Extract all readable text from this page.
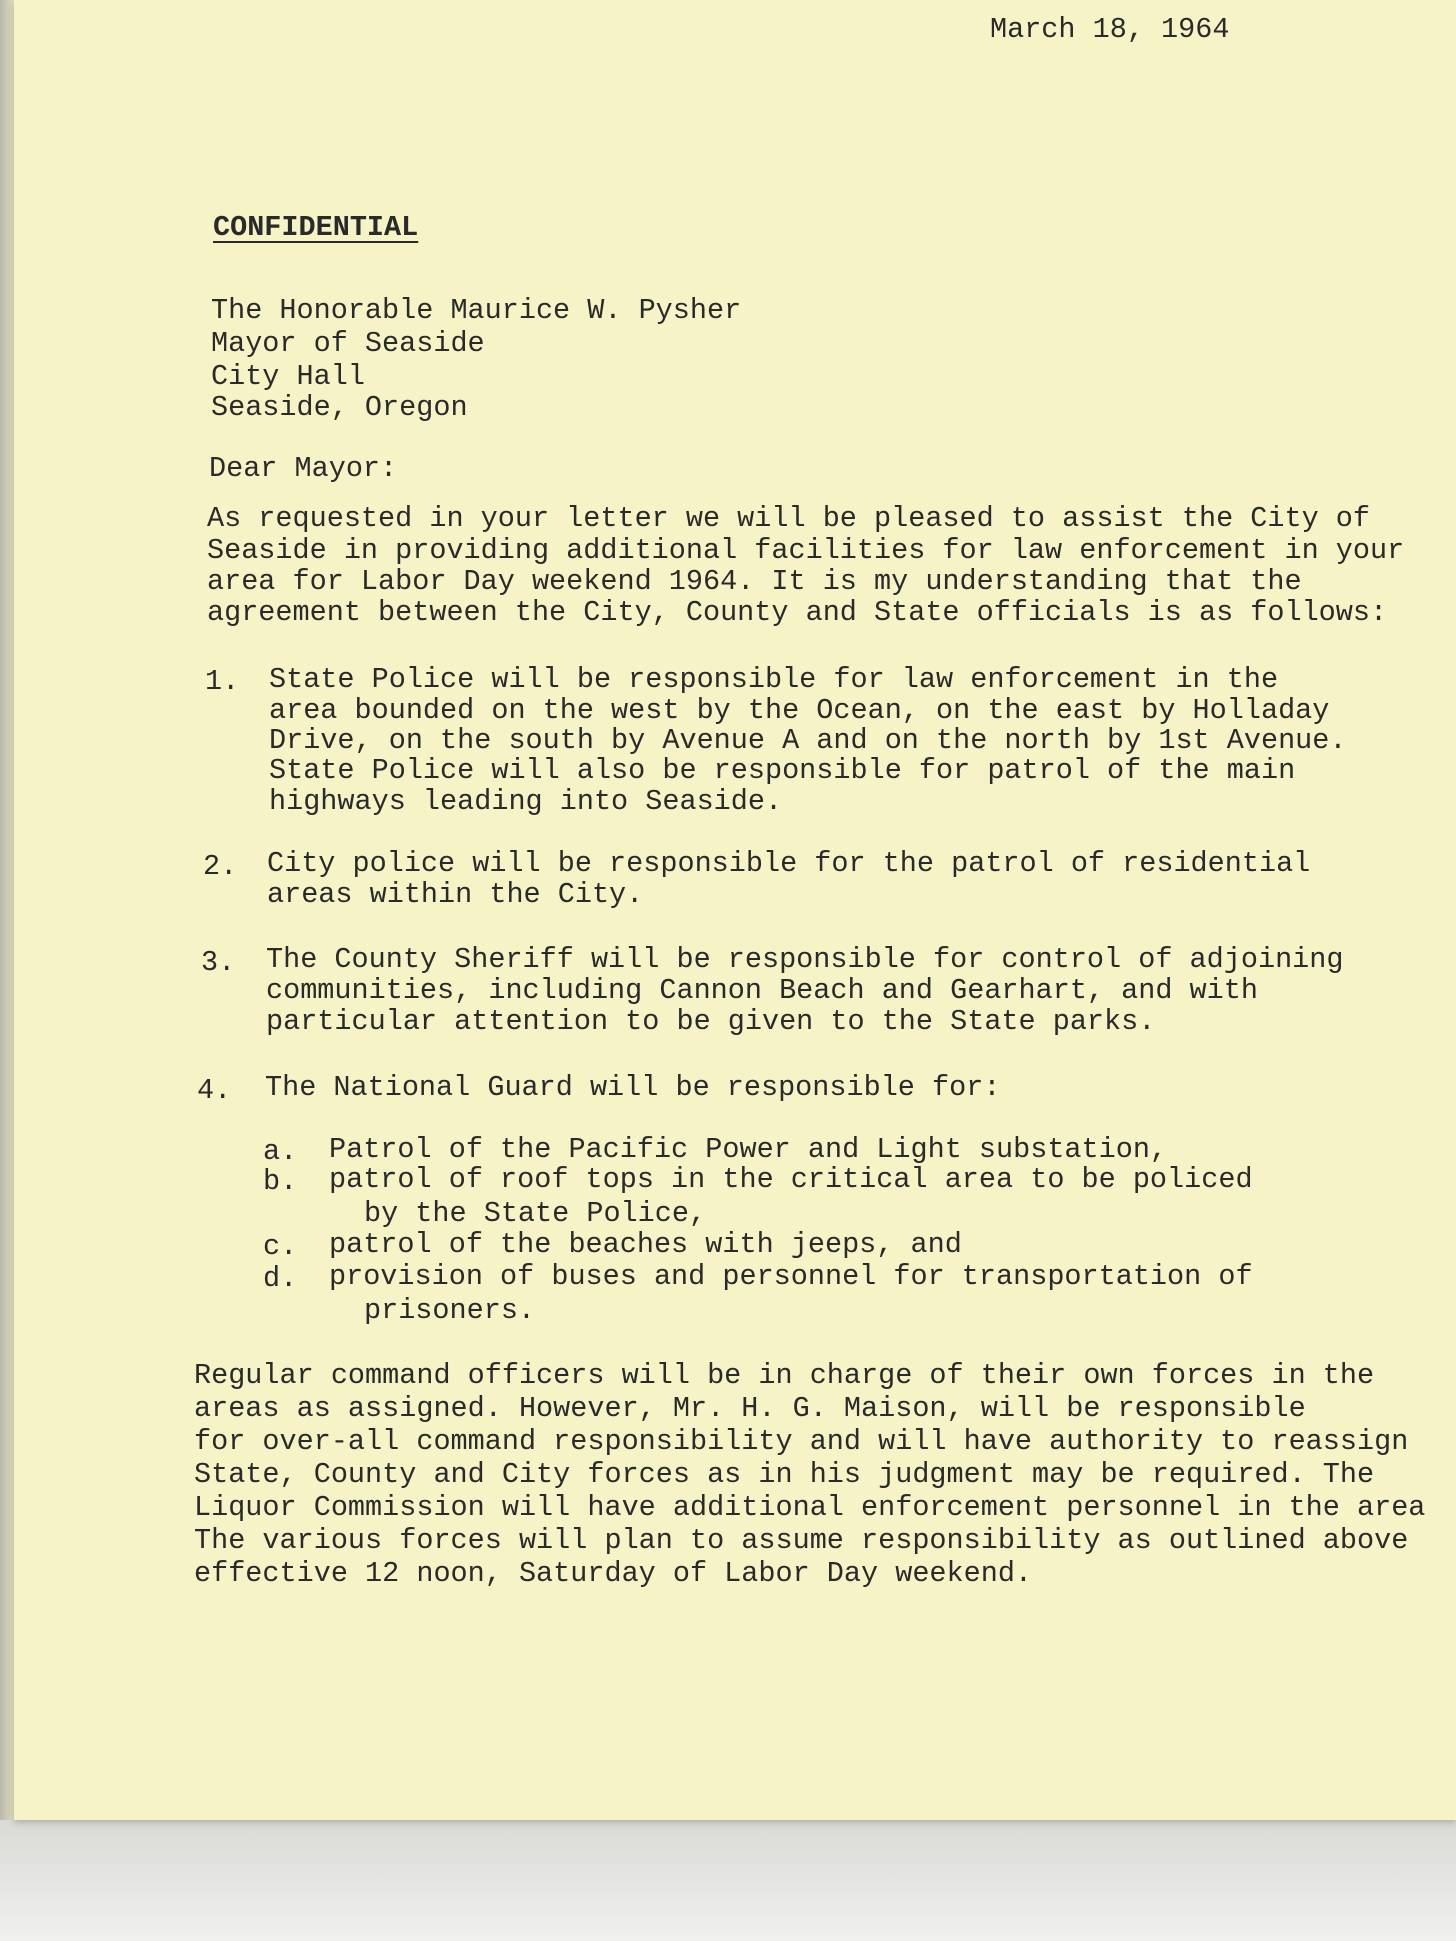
March 18, 1964
CONFIDENTIAL
The Honorable Maurice W. Pysher
Mayor of Seaside
City Hall
Seaside, Oregon
Dear Mayor:
As requested in your letter we will be pleased to assist the City of
Seaside in providing additional facilities for law enforcement in your
area for Labor Day weekend 1964. It is my understanding that the
agreement between the City, County and State officials is as follows:
1. State Police will be responsible for law enforcement in the
area bounded on the west by the Ocean, on the east by Holladay
Drive, on the south by Avenue A and on the north by 1st Avenue.
State Police will also be responsible for patrol of the main
highways leading into Seaside.
2. City police will be responsible for the patrol of residential
areas within the City.
3. The County Sheriff will be responsible for control of adjoining
communities, including Cannon Beach and Gearhart, and with
particular attention to be given to the State parks.
4. The National Guard will be responsible for:
a. Patrol of the Pacific Power and Light substation,
b. patrol of roof tops in the critical area to be policed
by the State Police,
c. patrol of the beaches with jeeps, and
d. provision of buses and personnel for transportation of
prisoners.
Regular command officers will be in charge of their own forces in the
areas as assigned. However, Mr. H. G. Maison, will be responsible
for over-all command responsibility and will have authority to reassign
State, County and City forces as in his judgment may be required. The
Liquor Commission will have additional enforcement personnel in the area
The various forces will plan to assume responsibility as outlined above
effective 12 noon, Saturday of Labor Day weekend.
